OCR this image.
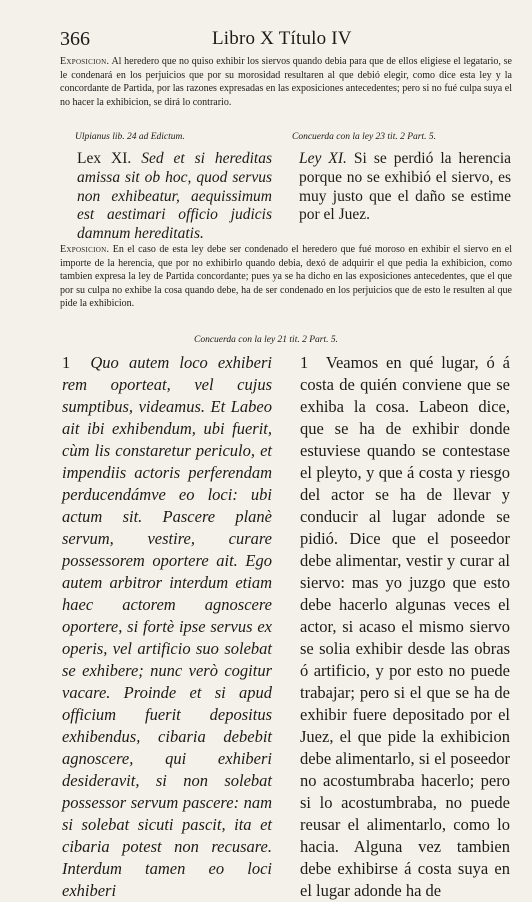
366	Libro X Título IV
Exposicion. Al heredero que no quiso exhibir los siervos quando debia para que de ellos eligiese el legatario, se le condenará en los perjuicios que por su morosidad resultaren al que debió elegir, como dice esta ley y la concordante de Partida, por las razones expresadas en las exposiciones antecedentes; pero si no fué culpa suya el no hacer la exhibicion, se dirá lo contrario.
Ulpianus lib. 24 ad Edictum.	Concuerda con la ley 23 tit. 2 Part. 5.
Lex XI. Sed et si hereditas amissa sit ob hoc, quod servus non exhibeatur, aequissimum est aestimari officio judicis damnum hereditatis.
Ley XI. Si se perdió la herencia porque no se exhibió el siervo, es muy justo que el daño se estime por el Juez.
Exposicion. En el caso de esta ley debe ser condenado el heredero que fué moroso en exhibir el siervo en el importe de la herencia, que por no exhibirlo quando debia, dexó de adquirir el que pedia la exhibicion, como tambien expresa la ley de Partida concordante; pues ya se ha dicho en las exposiciones antecedentes, que el que por su culpa no exhibe la cosa quando debe, ha de ser condenado en los perjuicios que de esto le resulten al que pide la exhibicion.
Concuerda con la ley 21 tit. 2 Part. 5.
1 Quo autem loco exhiberi rem oporteat, vel cujus sumptibus, videamus. Et Labeo ait ibi exhibendum, ubi fuerit, cùm lis constaretur periculo, et impendiis actoris perferendam perducendámve eo loci: ubi actum sit. Pascere planè servum, vestire, curare possessorem oportere ait. Ego autem arbitror interdum etiam haec actorem agnoscere oportere, si fortè ipse servus ex operis, vel artificio suo solebat se exhibere; nunc verò cogitur vacare. Proinde et si apud officium fuerit depositus exhibendus, cibaria debebit agnoscere, qui exhiberi desideravit, si non solebat possessor servum pascere: nam si solebat sicuti pascit, ita et cibaria potest non recusare. Interdum tamen eo loci exhiberi
1 Veamos en qué lugar, ó á costa de quién conviene que se exhiba la cosa. Labeon dice, que se ha de exhibir donde estuviese quando se contestase el pleyto, y que á costa y riesgo del actor se ha de llevar y conducir al lugar adonde se pidió. Dice que el poseedor debe alimentar, vestir y curar al siervo: mas yo juzgo que esto debe hacerlo algunas veces el actor, si acaso el mismo siervo se solia exhibir desde las obras ó artificio, y por esto no puede trabajar; pero si el que se ha de exhibir fuere depositado por el Juez, el que pide la exhibicion debe alimentarlo, si el poseedor no acostumbraba hacerlo; pero si lo acostumbraba, no puede reusar el alimentarlo, como lo hacia. Alguna vez tambien debe exhibirse á costa suya en el lugar adonde ha de
